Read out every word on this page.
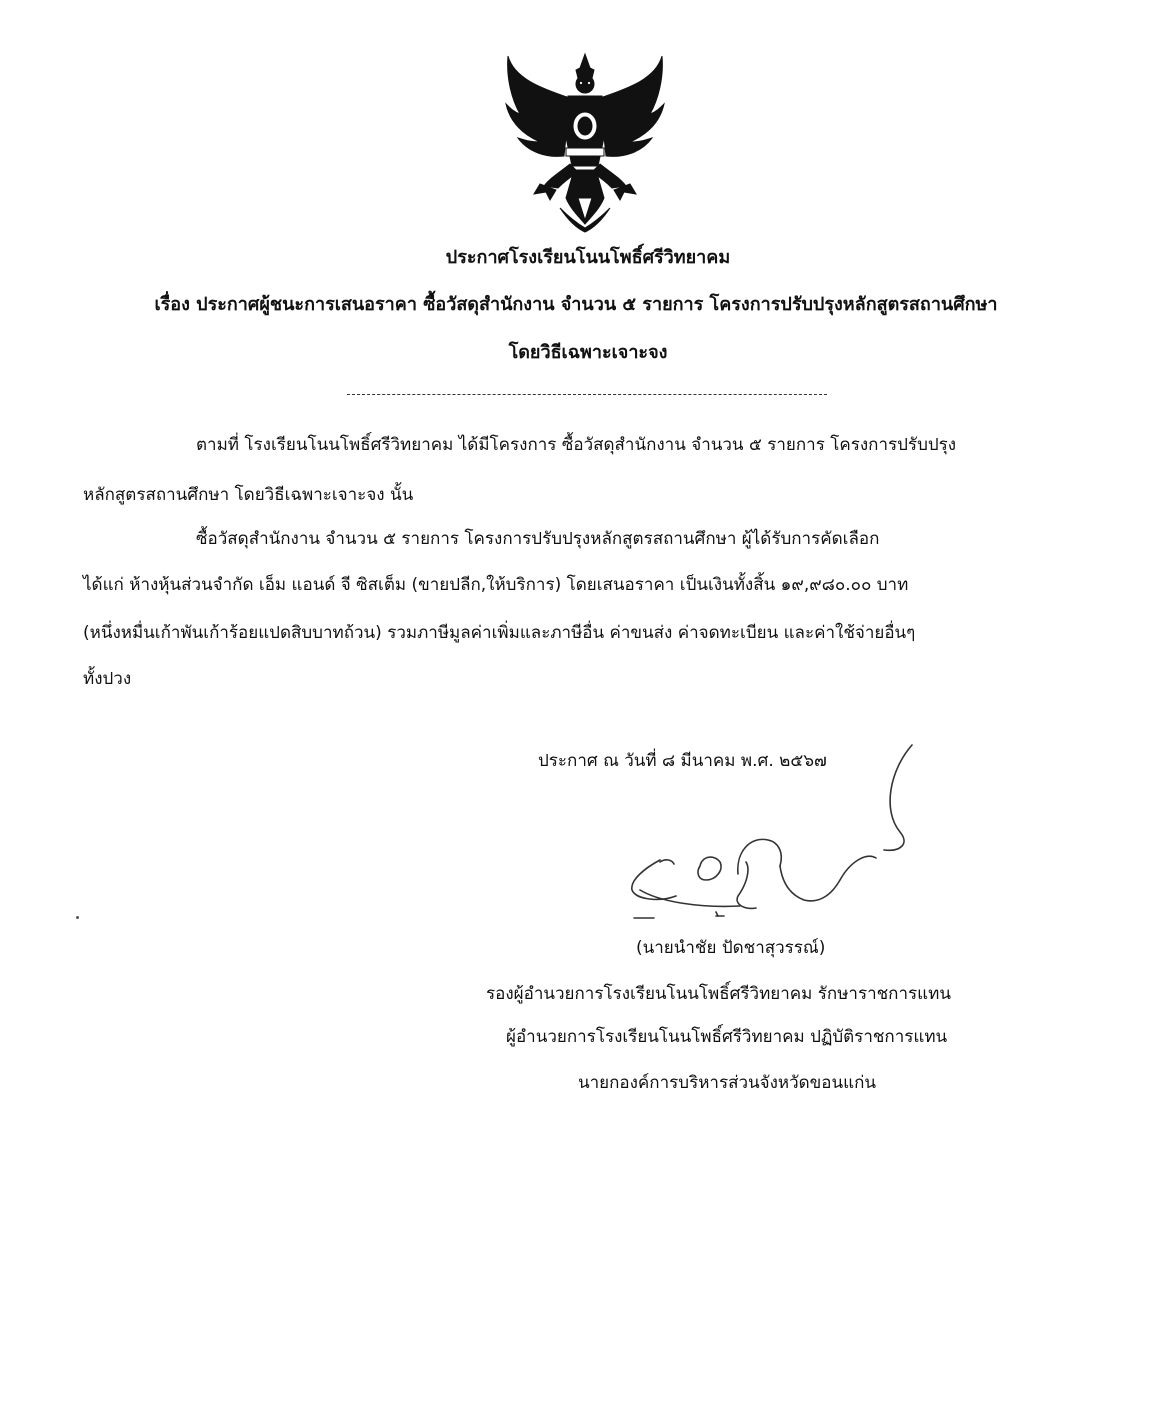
ประกาศโรงเรียนโนนโพธิ์ศรีวิทยาคม
เรื่อง ประกาศผู้ชนะการเสนอราคา ซื้อวัสดุสำนักงาน จำนวน ๕ รายการ โครงการปรับปรุงหลักสูตรสถานศึกษา
โดยวิธีเฉพาะเจาะจง
ตามที่ โรงเรียนโนนโพธิ์ศรีวิทยาคม ได้มีโครงการ ซื้อวัสดุสำนักงาน จำนวน ๕ รายการ โครงการปรับปรุง
หลักสูตรสถานศึกษา โดยวิธีเฉพาะเจาะจง นั้น
ซื้อวัสดุสำนักงาน จำนวน ๕ รายการ โครงการปรับปรุงหลักสูตรสถานศึกษา ผู้ได้รับการคัดเลือก
ได้แก่ ห้างหุ้นส่วนจำกัด เอ็ม แอนด์ จี ซิสเต็ม (ขายปลีก,ให้บริการ) โดยเสนอราคา เป็นเงินทั้งสิ้น ๑๙,๙๘๐.๐๐ บาท
(หนึ่งหมื่นเก้าพันเก้าร้อยแปดสิบบาทถ้วน) รวมภาษีมูลค่าเพิ่มและภาษีอื่น ค่าขนส่ง ค่าจดทะเบียน และค่าใช้จ่ายอื่นๆ
ทั้งปวง
ประกาศ ณ วันที่ ๘ มีนาคม พ.ศ. ๒๕๖๗
(นายนำชัย ปัดชาสุวรรณ์)
รองผู้อำนวยการโรงเรียนโนนโพธิ์ศรีวิทยาคม รักษาราชการแทน
ผู้อำนวยการโรงเรียนโนนโพธิ์ศรีวิทยาคม ปฏิบัติราชการแทน
นายกองค์การบริหารส่วนจังหวัดขอนแก่น
